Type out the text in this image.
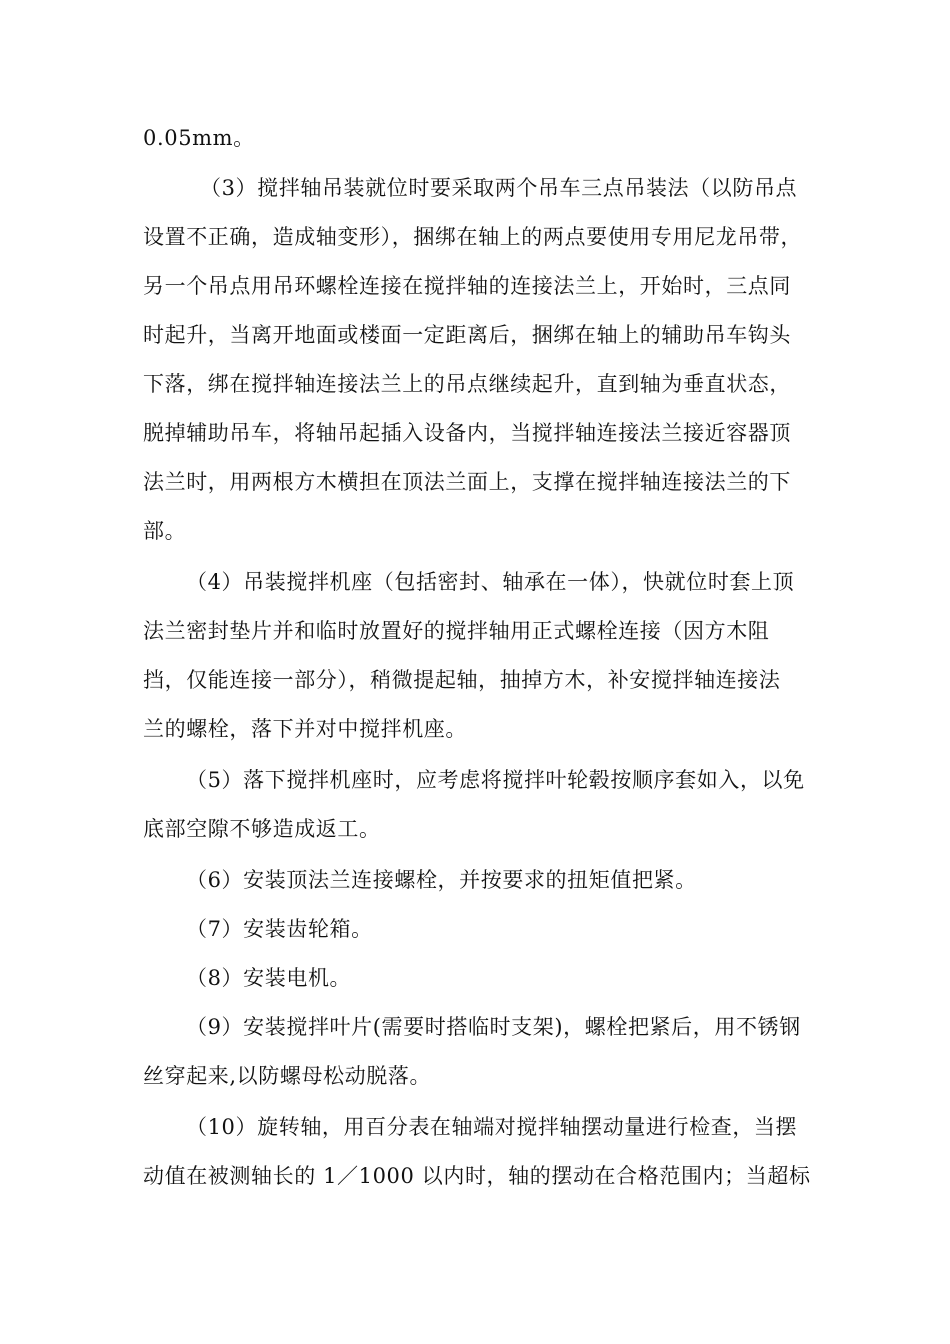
0.05mm。
（3）搅拌轴吊装就位时要采取两个吊车三点吊装法（以防吊点
设置不正确，造成轴变形），捆绑在轴上的两点要使用专用尼龙吊带，
另一个吊点用吊环螺栓连接在搅拌轴的连接法兰上，开始时，三点同
时起升，当离开地面或楼面一定距离后，捆绑在轴上的辅助吊车钩头
下落，绑在搅拌轴连接法兰上的吊点继续起升，直到轴为垂直状态，
脱掉辅助吊车，将轴吊起插入设备内，当搅拌轴连接法兰接近容器顶
法兰时，用两根方木横担在顶法兰面上，支撑在搅拌轴连接法兰的下
部。
（4）吊装搅拌机座（包括密封、轴承在一体），快就位时套上顶
法兰密封垫片并和临时放置好的搅拌轴用正式螺栓连接（因方木阻
挡，仅能连接一部分），稍微提起轴，抽掉方木，补安搅拌轴连接法
兰的螺栓，落下并对中搅拌机座。
（5）落下搅拌机座时，应考虑将搅拌叶轮毂按顺序套如入，以免
底部空隙不够造成返工。
（6）安装顶法兰连接螺栓，并按要求的扭矩值把紧。
（7）安装齿轮箱。
（8）安装电机。
（9）安装搅拌叶片(需要时搭临时支架)，螺栓把紧后，用不锈钢
丝穿起来,以防螺母松动脱落。
（10）旋转轴，用百分表在轴端对搅拌轴摆动量进行检查，当摆
动值在被测轴长的 1／1000 以内时，轴的摆动在合格范围内；当超标
